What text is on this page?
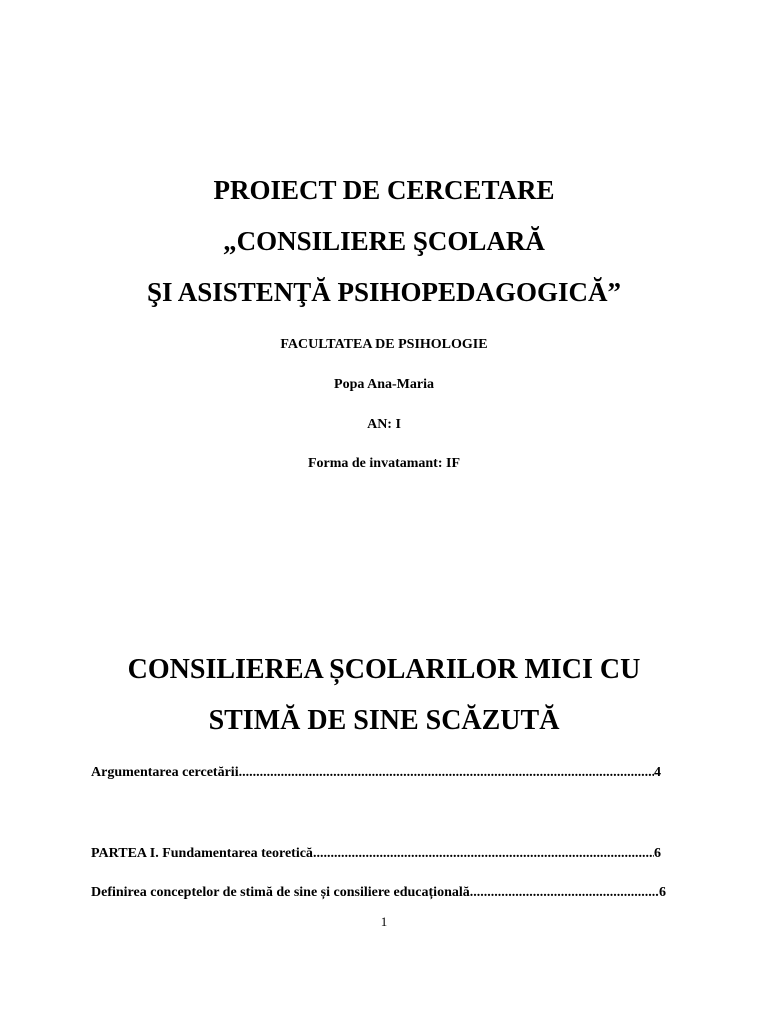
PROIECT DE CERCETARE
„CONSILIERE ŞCOLARĂ
ŞI ASISTENŢĂ PSIHOPEDAGOGICĂ”
FACULTATEA DE PSIHOLOGIE
Popa Ana-Maria
AN: I
Forma de invatamant: IF
CONSILIEREA ȘCOLARILOR MICI CU
STIMĂ DE SINE SCĂZUTĂ
Argumentarea cercetării .....	4
PARTEA I. Fundamentarea teoretică .....	6
Definirea conceptelor de stimă de sine și consiliere educațională .....	6
1
